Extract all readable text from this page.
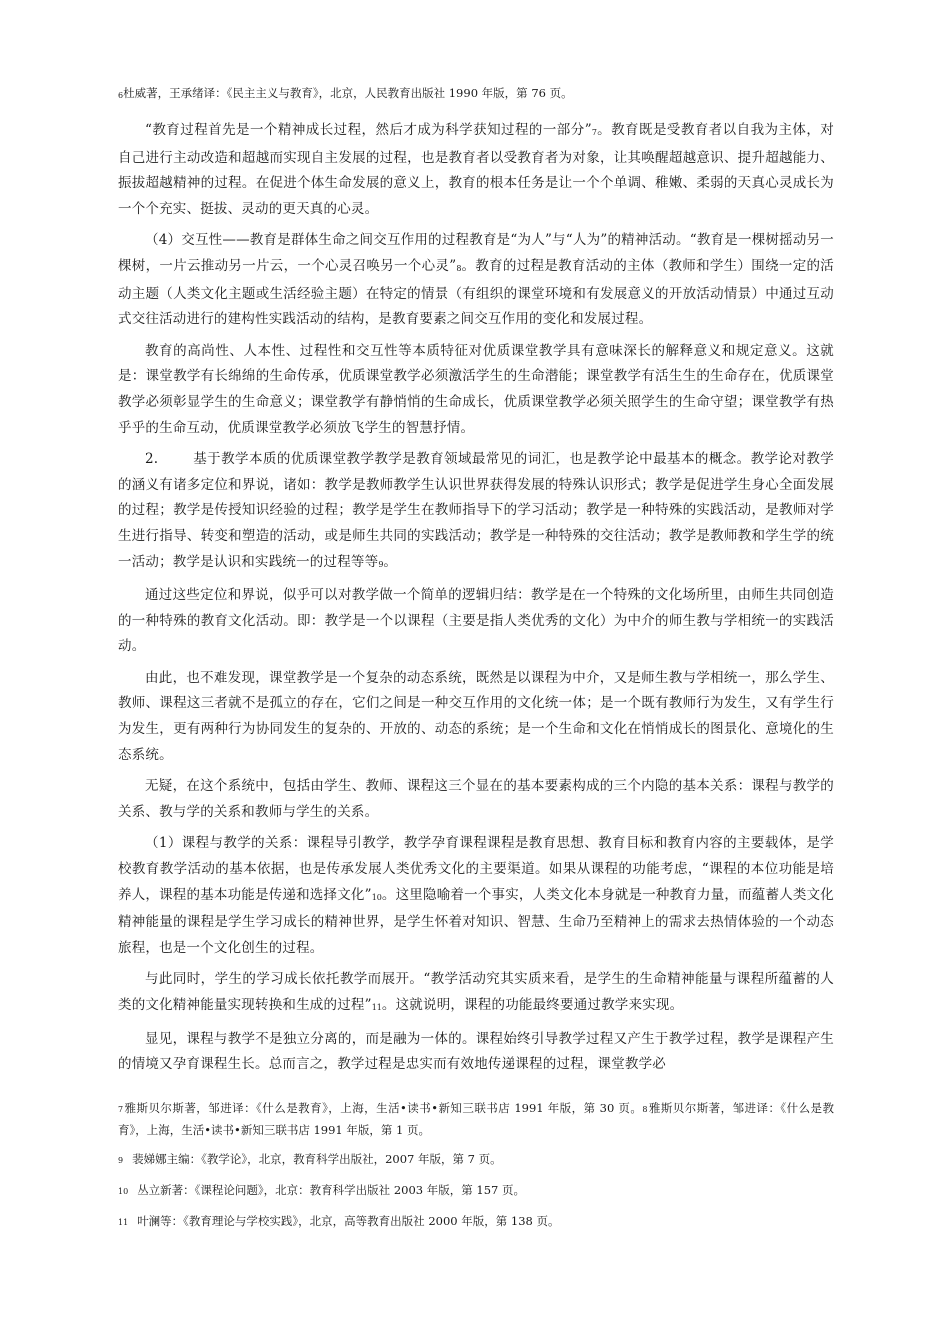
6杜威著，王承绪译：《民主主义与教育》，北京，人民教育出版社 1990 年版，第 76 页。

“教育过程首先是一个精神成长过程，然后才成为科学获知过程的一部分”7。教育既是受教育者以自我为主体，对自己进行主动改造和超越而实现自主发展的过程，也是教育者以受教育者为对象，让其唤醒超越意识、提升超越能力、振拔超越精神的过程。在促进个体生命发展的意义上，教育的根本任务是让一个个单调、稚嫩、柔弱的天真心灵成长为一个个充实、挺拔、灵动的更天真的心灵。

（4）交互性——教育是群体生命之间交互作用的过程教育是“为人”与“人为”的精神活动。“教育是一棵树摇动另一棵树，一片云推动另一片云，一个心灵召唤另一个心灵”8。教育的过程是教育活动的主体（教师和学生）围绕一定的活动主题（人类文化主题或生活经验主题）在特定的情景（有组织的课堂环境和有发展意义的开放活动情景）中通过互动式交往活动进行的建构性实践活动的结构，是教育要素之间交互作用的变化和发展过程。

教育的高尚性、人本性、过程性和交互性等本质特征对优质课堂教学具有意味深长的解释意义和规定意义。这就是：课堂教学有长绵绵的生命传承，优质课堂教学必须激活学生的生命潜能；课堂教学有活生生的生命存在，优质课堂教学必须彰显学生的生命意义；课堂教学有静悄悄的生命成长，优质课堂教学必须关照学生的生命守望；课堂教学有热乎乎的生命互动，优质课堂教学必须放飞学生的智慧抒情。

2.	基于教学本质的优质课堂教学教学是教育领域最常见的词汇，也是教学论中最基本的概念。教学论对教学的涵义有诸多定位和界说，诸如：教学是教师教学生认识世界获得发展的特殊认识形式；教学是促进学生身心全面发展的过程；教学是传授知识经验的过程；教学是学生在教师指导下的学习活动；教学是一种特殊的实践活动，是教师对学生进行指导、转变和塑造的活动，或是师生共同的实践活动；教学是一种特殊的交往活动；教学是教师教和学生学的统一活动；教学是认识和实践统一的过程等等9。

通过这些定位和界说，似乎可以对教学做一个简单的逻辑归结：教学是在一个特殊的文化场所里，由师生共同创造的一种特殊的教育文化活动。即：教学是一个以课程（主要是指人类优秀的文化）为中介的师生教与学相统一的实践活动。

由此，也不难发现，课堂教学是一个复杂的动态系统，既然是以课程为中介，又是师生教与学相统一，那么学生、教师、课程这三者就不是孤立的存在，它们之间是一种交互作用的文化统一体；是一个既有教师行为发生，又有学生行为发生，更有两种行为协同发生的复杂的、开放的、动态的系统；是一个生命和文化在悄悄成长的图景化、意境化的生态系统。

无疑，在这个系统中，包括由学生、教师、课程这三个显在的基本要素构成的三个内隐的基本关系：课程与教学的关系、教与学的关系和教师与学生的关系。

（1）课程与教学的关系：课程导引教学，教学孕育课程课程是教育思想、教育目标和教育内容的主要载体，是学校教育教学活动的基本依据，也是传承发展人类优秀文化的主要渠道。如果从课程的功能考虑，“课程的本位功能是培养人，课程的基本功能是传递和选择文化”10。这里隐喻着一个事实，人类文化本身就是一种教育力量，而蕴蓄人类文化精神能量的课程是学生学习成长的精神世界，是学生怀着对知识、智慧、生命乃至精神上的需求去热情体验的一个动态旅程，也是一个文化创生的过程。

与此同时，学生的学习成长依托教学而展开。“教学活动究其实质来看，是学生的生命精神能量与课程所蕴蓄的人类的文化精神能量实现转换和生成的过程”11。这就说明，课程的功能最终要通过教学来实现。

显见，课程与教学不是独立分离的，而是融为一体的。课程始终引导教学过程又产生于教学过程，教学是课程产生的情境又孕育课程生长。总而言之，教学过程是忠实而有效地传递课程的过程，课堂教学必

7雅斯贝尔斯著，邹进译：《什么是教育》，上海，生活•读书•新知三联书店 1991 年版，第 30 页。8雅斯贝尔斯著，邹进译：《什么是教育》，上海，生活•读书•新知三联书店 1991 年版，第 1 页。

9 裴娣娜主编：《教学论》，北京，教育科学出版社，2007 年版，第 7 页。

10 丛立新著：《课程论问题》，北京：教育科学出版社 2003 年版，第 157 页。

11 叶澜等：《教育理论与学校实践》，北京，高等教育出版社 2000 年版，第 138 页。
